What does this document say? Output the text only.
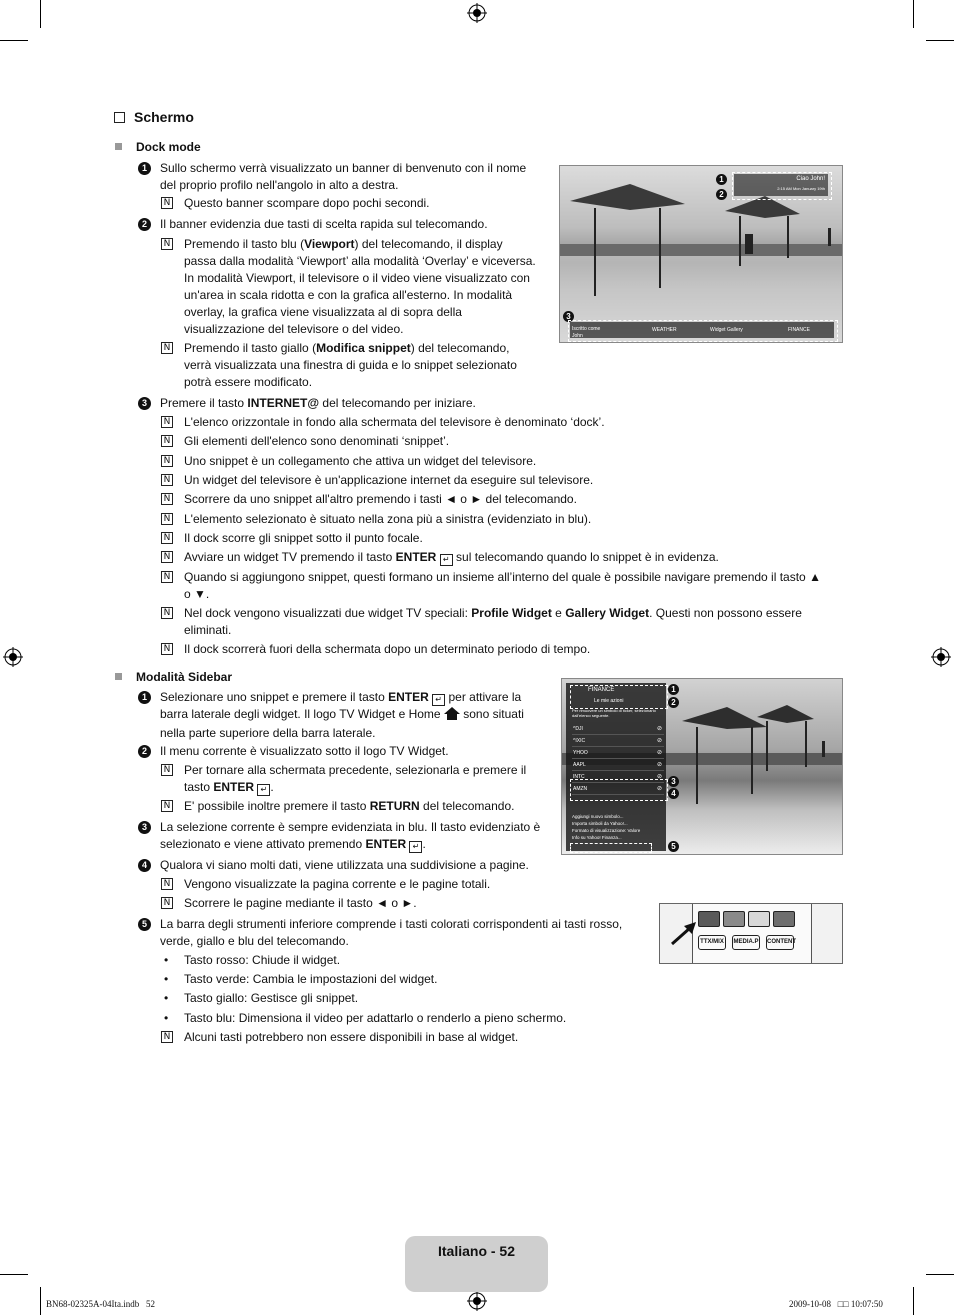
Schermo
Dock mode
1	Sullo schermo verrà visualizzato un banner di benvenuto con il nome del proprio profilo nell'angolo in alto a destra.
N Questo banner scompare dopo pochi secondi.
2	Il banner evidenzia due tasti di scelta rapida sul telecomando.
N Premendo il tasto blu (Viewport) del telecomando, il display passa dalla modalità ‘Viewport’ alla modalità ‘Overlay’ e viceversa. In modalità Viewport, il televisore o il video viene visualizzato con un'area in scala ridotta e con la grafica all'esterno. In modalità overlay, la grafica viene visualizzata al di sopra della visualizzazione del televisore o del video.
N Premendo il tasto giallo (Modifica snippet) del telecomando, verrà visualizzata una finestra di guida e lo snippet selezionato potrà essere modificato.
3	Premere il tasto INTERNET@ del telecomando per iniziare.
N L'elenco orizzontale in fondo alla schermata del televisore è denominato ‘dock’.
N Gli elementi dell'elenco sono denominati ‘snippet’.
N Uno snippet è un collegamento che attiva un widget del televisore.
N Un widget del televisore è un'applicazione internet da eseguire sul televisore.
N Scorrere da uno snippet all'altro premendo i tasti ◄ o ► del telecomando.
N L'elemento selezionato è situato nella zona più a sinistra (evidenziato in blu).
N Il dock scorre gli snippet sotto il punto focale.
N Avviare un widget TV premendo il tasto ENTER ↵ sul telecomando quando lo snippet è in evidenza.
N Quando si aggiungono snippet, questi formano un insieme all’interno del quale è possibile navigare premendo il tasto ▲ o ▼.
N Nel dock vengono visualizzati due widget TV speciali: Profile Widget e Gallery Widget. Questi non possono essere eliminati.
N Il dock scorrerà fuori della schermata dopo un determinato periodo di tempo.
Ciao John!
2:15 AM Mon January 19th
1
2
3
Iscritto come John
WEATHER	Widget Gallery	FINANCE
Modalità Sidebar
1	Selezionare uno snippet e premere il tasto ENTER ↵ per attivare la barra laterale degli widget. Il logo TV Widget e Home  sono situati nella parte superiore della barra laterale.
2	Il menu corrente è visualizzato sotto il logo TV Widget.
N Per tornare alla schermata precedente, selezionarla e premere il tasto ENTER ↵ .
N E' possibile inoltre premere il tasto RETURN del telecomando.
3	La selezione corrente è sempre evidenziata in blu. Il tasto evidenziato è selezionato e viene attivato premendo ENTER ↵ .
4	Qualora vi siano molti dati, viene utilizzata una suddivisione a pagine.
N Vengono visualizzate la pagina corrente e le pagine totali.
N Scorrere le pagine mediante il tasto ◄ o ►.
5	La barra degli strumenti inferiore comprende i tasti colorati corrispondenti ai tasti rosso, verde, giallo e blu del telecomando.
• Tasto rosso: Chiude il widget.
• Tasto verde: Cambia le impostazioni del widget.
• Tasto giallo: Gestisce gli snippet.
• Tasto blu: Dimensiona il video per adattarlo o renderlo a pieno schermo.
N Alcuni tasti potrebbero non essere disponibili in base al widget.
FINANCE
Le mie azioni
Per rimuovere un simbolo di ticker, selezionarlo dall'elenco seguente.
^DJI	⊘
^IXIC	⊘
YHOO	⊘
AAPL	⊘
INTC	⊘
AMZN	⊘
Aggiungi nuovo simbolo...
Importa simboli da Yahoo!...
Formato di visualizzazione: Valore
Info su Yahoo! Finanza...
1
2
3
4
5
TTX/MIX	MEDIA.P CONTENT
Italiano - 52
BN68-02325A-04Ita.indb   52	2009-10-08   □□ 10:07:50
